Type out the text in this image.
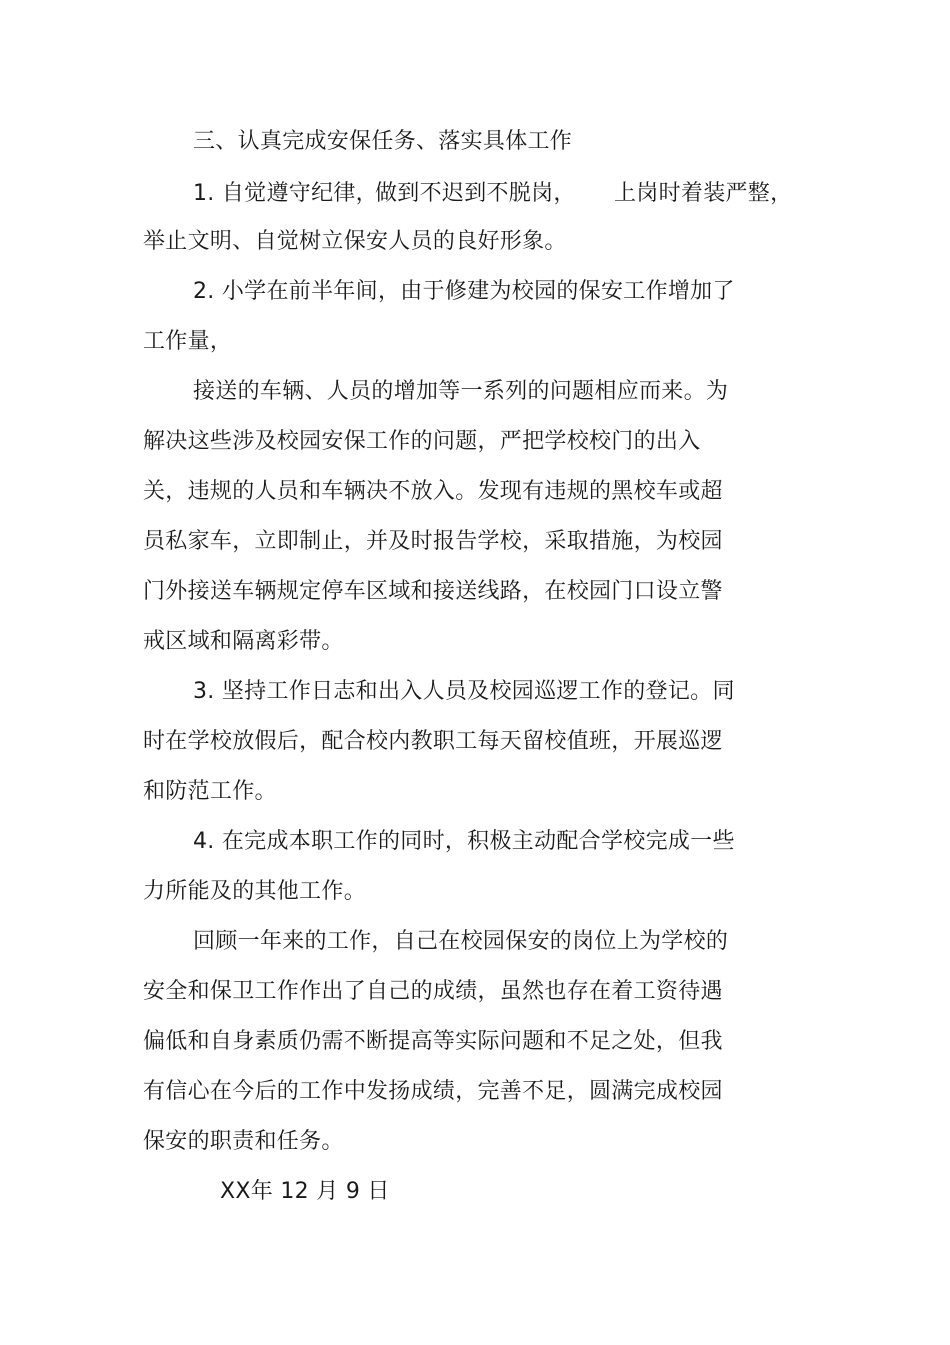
三、认真完成安保任务、落实具体工作
1. 自觉遵守纪律，
做到不迟到不脱岗， 上岗时着装严整，
举止文明、自觉树立保安人员的良好形象。
2. 小学在前半年间，由于修建为校园的保安工作增加了
工作量，
接送的车辆、人员的增加等一系列的问题相应而来。为
解决这些涉及校园安保工作的问题，严把学校校门的出入
关，违规的人员和车辆决不放入。发现有违规的黑校车或超
员私家车，立即制止，并及时报告学校，采取措施，为校园
门外接送车辆规定停车区域和接送线路，在校园门口设立警
戒区域和隔离彩带。
3. 坚持工作日志和出入人员及校园巡逻工作的登记。同
时在学校放假后，配合校内教职工每天留校值班，开展巡逻
和防范工作。
4. 在完成本职工作的同时，积极主动配合学校完成一些
力所能及的其他工作。
回顾一年来的工作，自己在校园保安的岗位上为学校的
安全和保卫工作作出了自己的成绩，虽然也存在着工资待遇
偏低和自身素质仍需不断提高等实际问题和不足之处，但我
有信心在今后的工作中发扬成绩，完善不足，圆满完成校园
保安的职责和任务。
XX年 12 月 9 日
